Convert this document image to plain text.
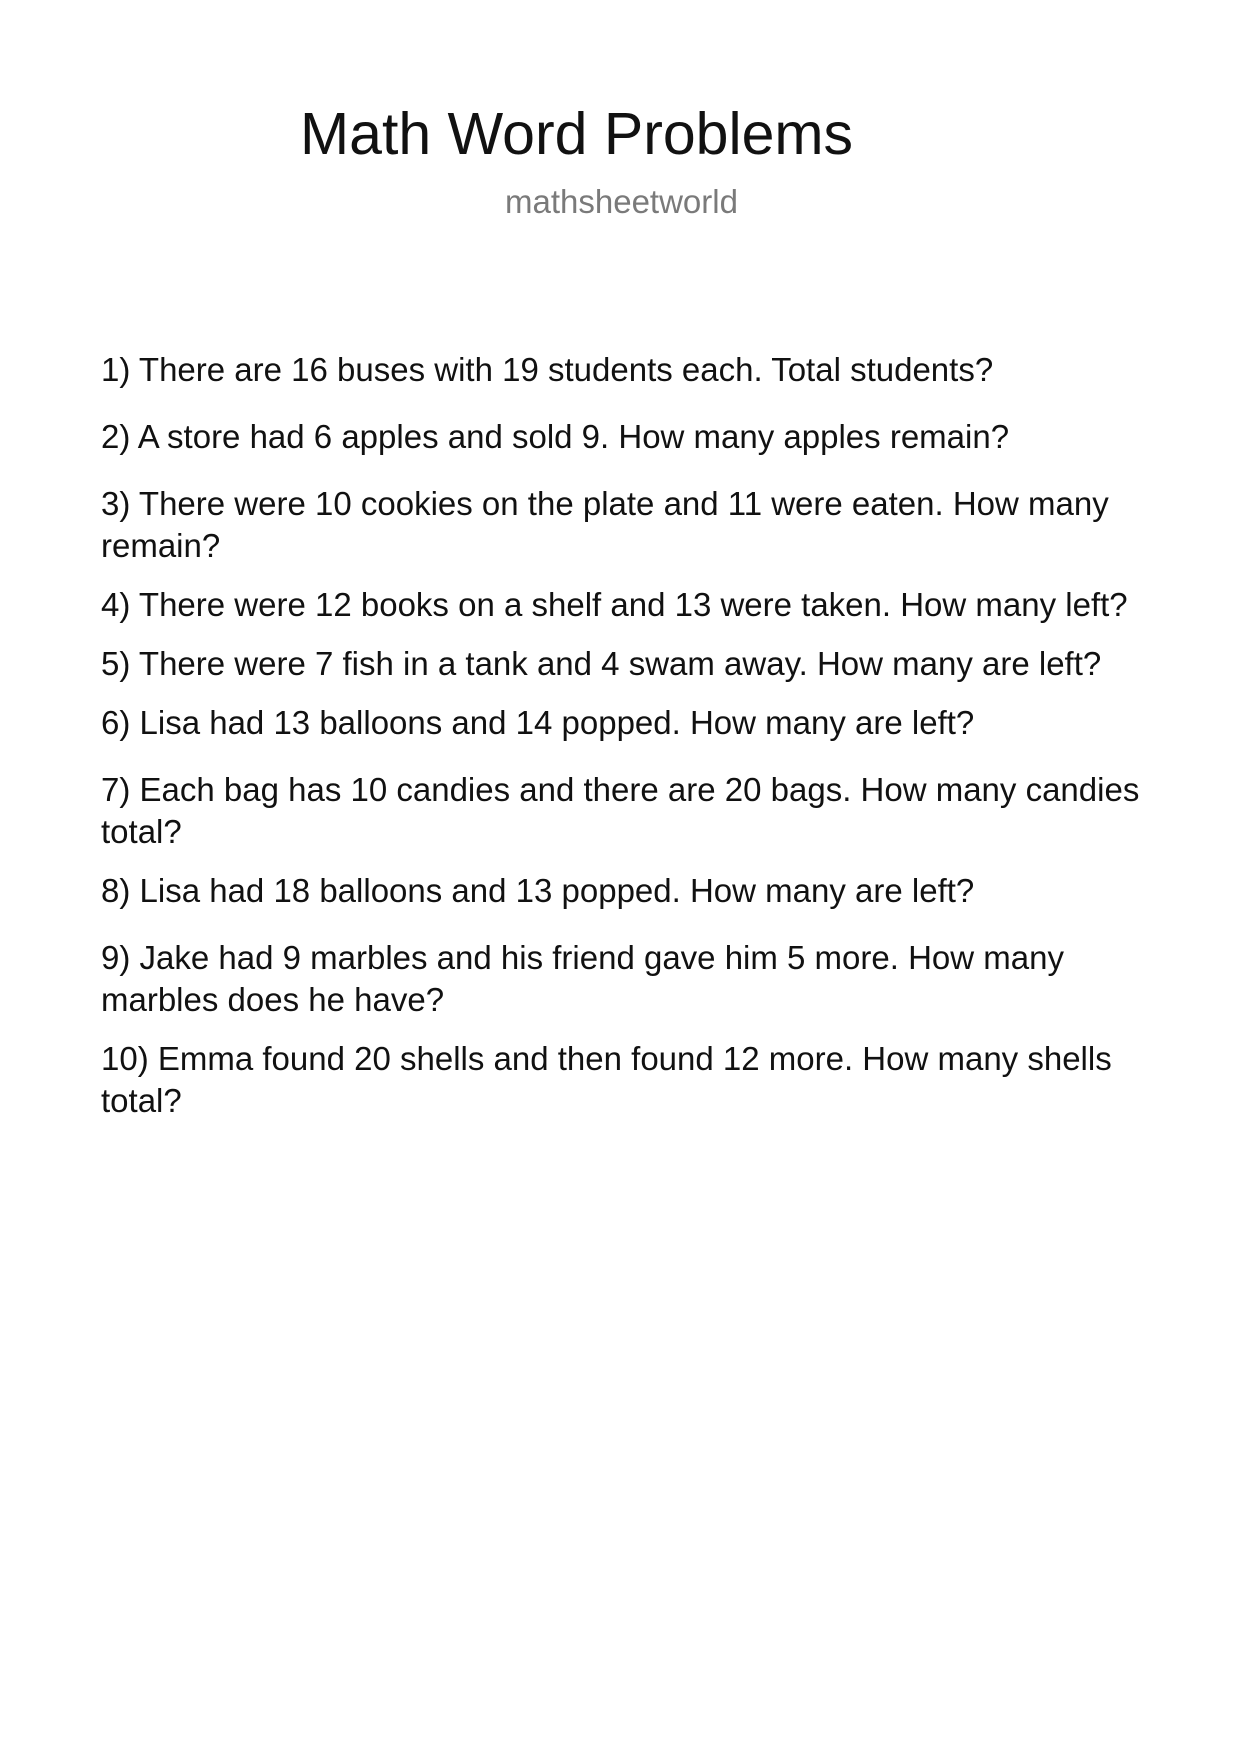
Math Word Problems
mathsheetworld
1) There are 16 buses with 19 students each. Total students?
2) A store had 6 apples and sold 9. How many apples remain?
3) There were 10 cookies on the plate and 11 were eaten. How many remain?
4) There were 12 books on a shelf and 13 were taken. How many left?
5) There were 7 fish in a tank and 4 swam away. How many are left?
6) Lisa had 13 balloons and 14 popped. How many are left?
7) Each bag has 10 candies and there are 20 bags. How many candies total?
8) Lisa had 18 balloons and 13 popped. How many are left?
9) Jake had 9 marbles and his friend gave him 5 more. How many marbles does he have?
10) Emma found 20 shells and then found 12 more. How many shells total?
